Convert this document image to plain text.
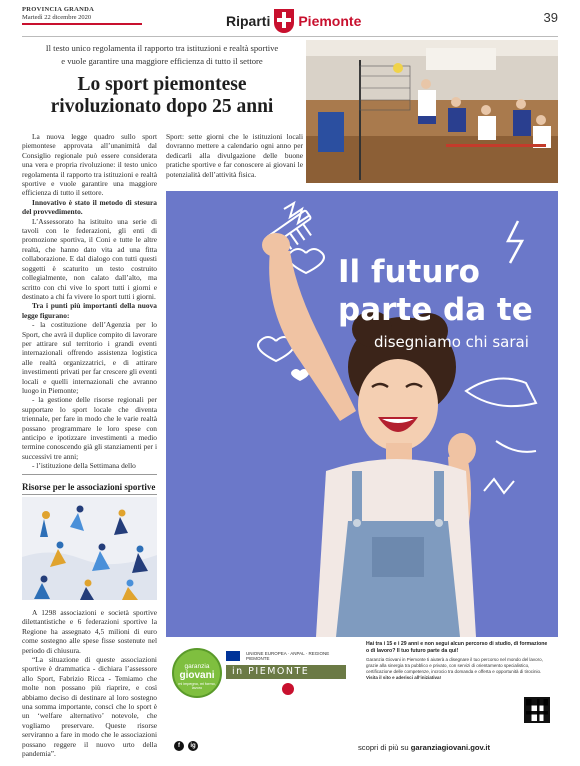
PROVINCIA GRANDA
Martedì 22 dicembre 2020	Riparti Piemonte	39
Il testo unico regolamenta il rapporto tra istituzioni e realtà sportive
e vuole garantire una maggiore efficienza di tutto il settore
Lo sport piemontese
rivoluzionato dopo 25 anni

La nuova legge quadro sullo sport piemontese approvata all’unanimità dal Consiglio regionale può essere considerata una vera e propria rivoluzione: il testo unico regolamenta il rapporto tra istituzioni e realtà sportive e vuole garantire una maggiore efficienza di tutto il settore.

Innovativo è stato il metodo di stesura del provvedimento.

L’Assessorato ha istituito una serie di tavoli con le federazioni, gli enti di promozione sportiva, il Coni e tutte le altre realtà, che hanno dato vita ad una fitta collaborazione. E dal dialogo con tutti questi soggetti è scaturito un testo costruito collegialmente, non calato dall’alto, ma scritto con chi vive lo sport tutti i giorni e destinato a chi fa vivere lo sport tutti i giorni.

Tra i punti più importanti della nuova legge figurano:

- la costituzione dell’Agenzia per lo Sport, che avrà il duplice compito di lavorare per attirare sul territorio i grandi eventi internazionali offrendo assistenza logistica alle realtà organizzatrici, e di attirare investimenti privati per far crescere gli eventi locali e quelli internazionali che avranno luogo in Piemonte;

- la gestione delle risorse regionali per supportare lo sport locale che diventa triennale, per fare in modo che le varie realtà possano programmare le loro spese con anticipo e ipotizzare investimenti a medio termine conoscendo già gli stanziamenti per i successivi tre anni;

- l’istituzione della Settimana dello

Sport: sette giorni che le istituzioni locali dovranno mettere a calendario ogni anno per dedicarli alla divulgazione delle buone pratiche sportive e far conoscere ai giovani le potenzialità dell’attività fisica.

Risorse per le associazioni sportive

A 1298 associazioni e società sportive dilettantistiche e 6 federazioni sportive la Regione ha assegnato 4,5 milioni di euro come sostegno alle spese fisse sostenute nel periodo di chiusura.

“La situazione di queste associazioni sportive è drammatica - dichiara l’assessore allo Sport, Fabrizio Ricca - Temiamo che molte non possano più riaprire, e così abbiamo deciso di destinare al loro sostegno una somma importante, conscì che lo sport è un ‘welfare alternativo’ notevole, che vogliamo preservare. Queste risorse serviranno a fare in modo che le associazioni possano reggere il nuovo urto della pandemia”.

Il futuro
parte da te
disegniamo chi sarai
garanzia
giovani
mi impegno, mi formo, lavoro
UNIONE EUROPEA · ANPAL · REGIONE PIEMONTE
in PIEMONTE
f	ig
Hai tra i 15 e i 29 anni e non segui alcun percorso di studio, di formazione o di lavoro? Il tuo futuro parte da qui!
Garanzia Giovani in Piemonte ti aiuterà a disegnare il tuo percorso nel mondo del lavoro, grazie alla sinergia tra pubblico e privato, con servizi di orientamento specialistico, certificazione delle competenze, incrocio tra domanda e offerta e opportunità di tirocinio. Visita il sito e aderisci all’iniziativa!
scopri di più su garanziagiovani.gov.it
